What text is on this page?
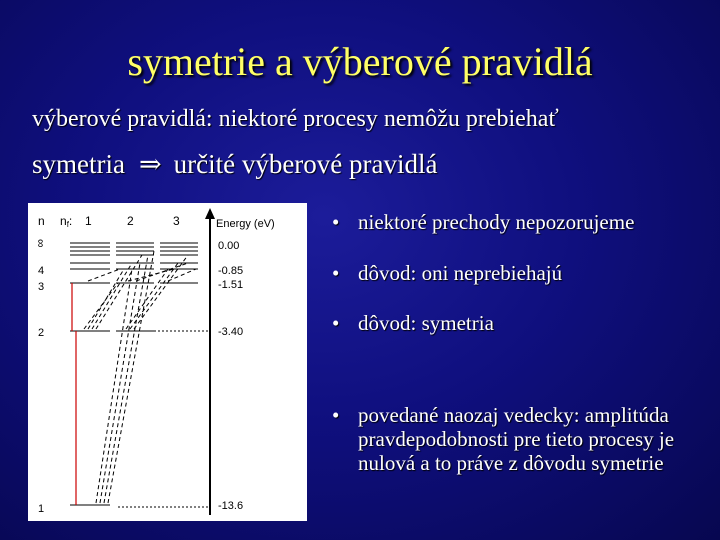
symetrie a výberové pravidlá
výberové pravidlá: niektoré procesy nemôžu prebiehať
symetria ⇒ určité výberové pravidlá
n nf: 1	2	3	Energy (eV)
∞
4
3
2
1
0.00
-0.85
-1.51
-3.40
-13.6
• niektoré prechody nepozorujeme
• dôvod: oni neprebiehajú
• dôvod: symetria
• povedané naozaj vedecky: amplitúda pravdepodobnosti pre tieto procesy je nulová a to práve z dôvodu symetrie
